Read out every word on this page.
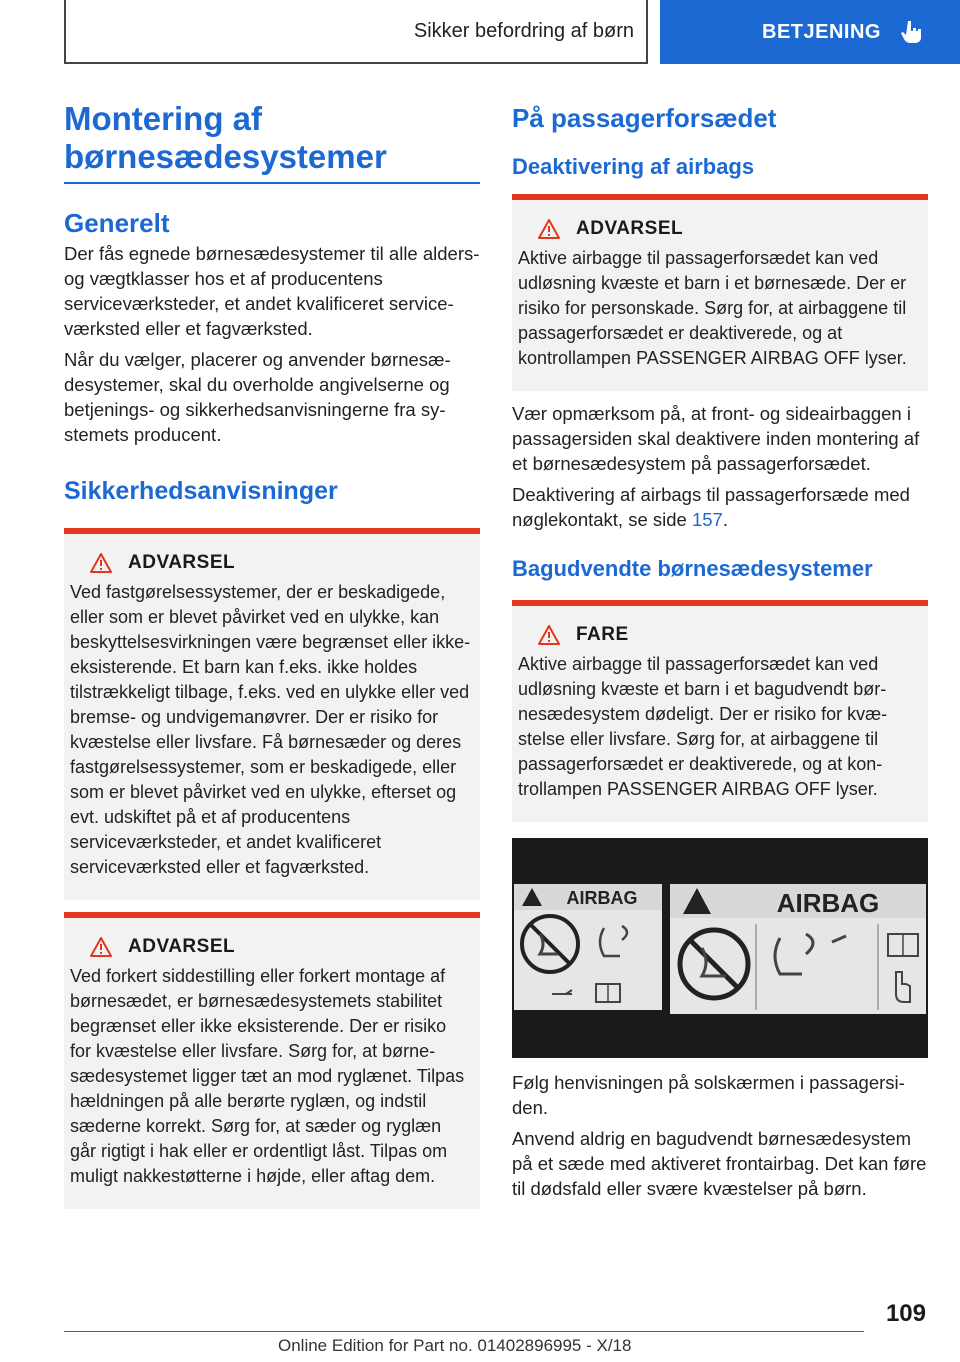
Sikker befordring af børn	BETJENING
Montering af børnesædesystemer
Generelt

Der fås egnede børnesædesystemer til alle alders- og vægtklasser hos et af producentens serviceværksteder, et andet kvalificeret serviceværksted eller et fagværksted.

Når du vælger, placerer og anvender børnesædesystemer, skal du overholde angivelserne og betjenings- og sikkerhedsanvisningerne fra systemets producent.

Sikkerhedsanvisninger
ADVARSEL

Ved fastgørelsessystemer, der er beskadigede, eller som er blevet påvirket ved en ulykke, kan beskyttelsesvirkningen være begrænset eller ikke-eksisterende. Et barn kan f.eks. ikke holdes tilstrækkeligt tilbage, f.eks. ved en ulykke eller ved bremse- og undvigemanøvrer. Der er risiko for kvæstelse eller livsfare. Få børnesæder og deres fastgørelsessystemer, som er beskadigede, eller som er blevet påvirket ved en ulykke, efterset og evt. udskiftet på et af producentens serviceværksteder, et andet kvalificeret serviceværksted eller et fagværksted.

ADVARSEL

Ved forkert siddestilling eller forkert montage af børnesædet, er børnesædesystemets stabilitet begrænset eller ikke eksisterende. Der er risiko for kvæstelse eller livsfare. Sørg for, at børnesædesystemet ligger tæt an mod ryglænet. Tilpas hældningen på alle berørte ryglæn, og indstil sæderne korrekt. Sørg for, at sæder og ryglæn går rigtigt i hak eller er ordentligt låst. Tilpas om muligt nakkestøtterne i højde, eller aftag dem.

På passagerforsædet
Deaktivering af airbags
ADVARSEL

Aktive airbagge til passagerforsædet kan ved udløsning kvæste et barn i et børnesæde. Der er risiko for personskade. Sørg for, at airbaggene til passagerforsædet er deaktiverede, og at kontrollampen PASSENGER AIRBAG OFF lyser.

Vær opmærksom på, at front- og sideairbaggen i passagersiden skal deaktivere inden montering af et børnesædesystem på passagerforsædet.

Deaktivering af airbags til passagerforsæde med nøglekontakt, se side 157.

Bagudvendte børnesædesystemer
FARE

Aktive airbagge til passagerforsædet kan ved udløsning kvæste et barn i et bagudvendt børnesædesystem dødeligt. Der er risiko for kvæstelse eller livsfare. Sørg for, at airbaggene til passagerforsædet er deaktiverede, og at kontrollampen PASSENGER AIRBAG OFF lyser.

AIRBAG	AIRBAG

Følg henvisningen på solskærmen i passagersiden.

Anvend aldrig en bagudvendt børnesædesystem på et sæde med aktiveret frontairbag. Det kan føre til dødsfald eller svære kvæstelser på børn.

109
Online Edition for Part no. 01402896995 - X/18
